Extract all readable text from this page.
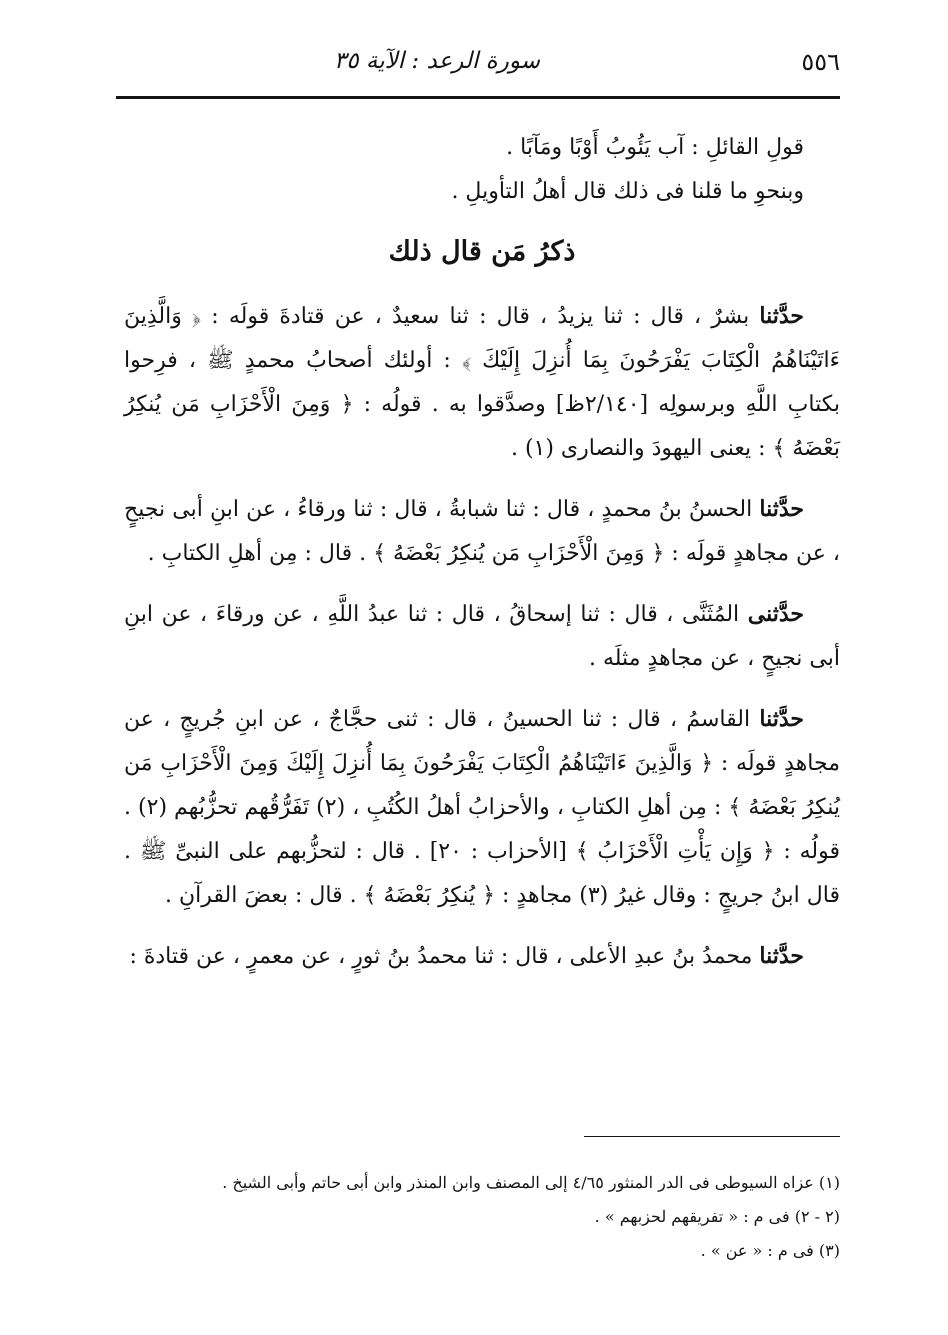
٥٥٦
سورة الرعد : الآية ٣٥

قولِ القائلِ : آب يَئُوبُ أَوْبًا ومَآبًا .

وبنحوِ ما قلنا فى ذلك قال أهلُ التأويلِ .

ذكرُ مَن قال ذلك

حدَّثنا بشرٌ ، قال : ثنا يزيدُ ، قال : ثنا سعيدٌ ، عن قتادةَ قولَه : ﴿ وَالَّذِينَ ءَاتَيْنَاهُمُ الْكِتَابَ يَفْرَحُونَ بِمَا أُنزِلَ إِلَيْكَ ﴾ : أولئك أصحابُ محمدٍ ﷺ ، فرِحوا بكتابِ اللَّهِ وبرسولِه [٢/١٤٠ظ] وصدَّقوا به . قولُه : ﴿ وَمِنَ الْأَحْزَابِ مَن يُنكِرُ بَعْضَهُ ﴾ : يعنى اليهودَ والنصارى (١) .

حدَّثنا الحسنُ بنُ محمدٍ ، قال : ثنا شبابةُ ، قال : ثنا ورقاءُ ، عن ابنِ أبى نجيحٍ ، عن مجاهدٍ قولَه : ﴿ وَمِنَ الْأَحْزَابِ مَن يُنكِرُ بَعْضَهُ ﴾ . قال : مِن أهلِ الكتابِ .

حدَّثنى المُثَنَّى ، قال : ثنا إسحاقُ ، قال : ثنا عبدُ اللَّهِ ، عن ورقاءَ ، عن ابنِ أبى نجيحٍ ، عن مجاهدٍ مثلَه .

حدَّثنا القاسمُ ، قال : ثنا الحسينُ ، قال : ثنى حجَّاجٌ ، عن ابنِ جُريجٍ ، عن مجاهدٍ قولَه : ﴿ وَالَّذِينَ ءَاتَيْنَاهُمُ الْكِتَابَ يَفْرَحُونَ بِمَا أُنزِلَ إِلَيْكَ وَمِنَ الْأَحْزَابِ مَن يُنكِرُ بَعْضَهُ ﴾ : مِن أهلِ الكتابِ ، والأحزابُ أهلُ الكُتُبِ ، (٢) تَفَرُّقُهم تحزُّبُهم (٢) . قولُه : ﴿ وَإِن يَأْتِ الْأَحْزَابُ ﴾ [الأحزاب : ٢٠] . قال : لتحزُّبهم على النبىِّ ﷺ . قال ابنُ جريجٍ : وقال غيرُ (٣) مجاهدٍ : ﴿ يُنكِرُ بَعْضَهُ ﴾ . قال : بعضَ القرآنِ .

حدَّثنا محمدُ بنُ عبدِ الأعلى ، قال : ثنا محمدُ بنُ ثورٍ ، عن معمرٍ ، عن قتادةَ :

(١) عزاه السيوطى فى الدر المنثور ٤/٦٥ إلى المصنف وابن المنذر وابن أبى حاتم وأبى الشيخ .

(٢ - ٢) فى م : « تفريقهم لحزبهم » .

(٣) فى م : « عن » .
